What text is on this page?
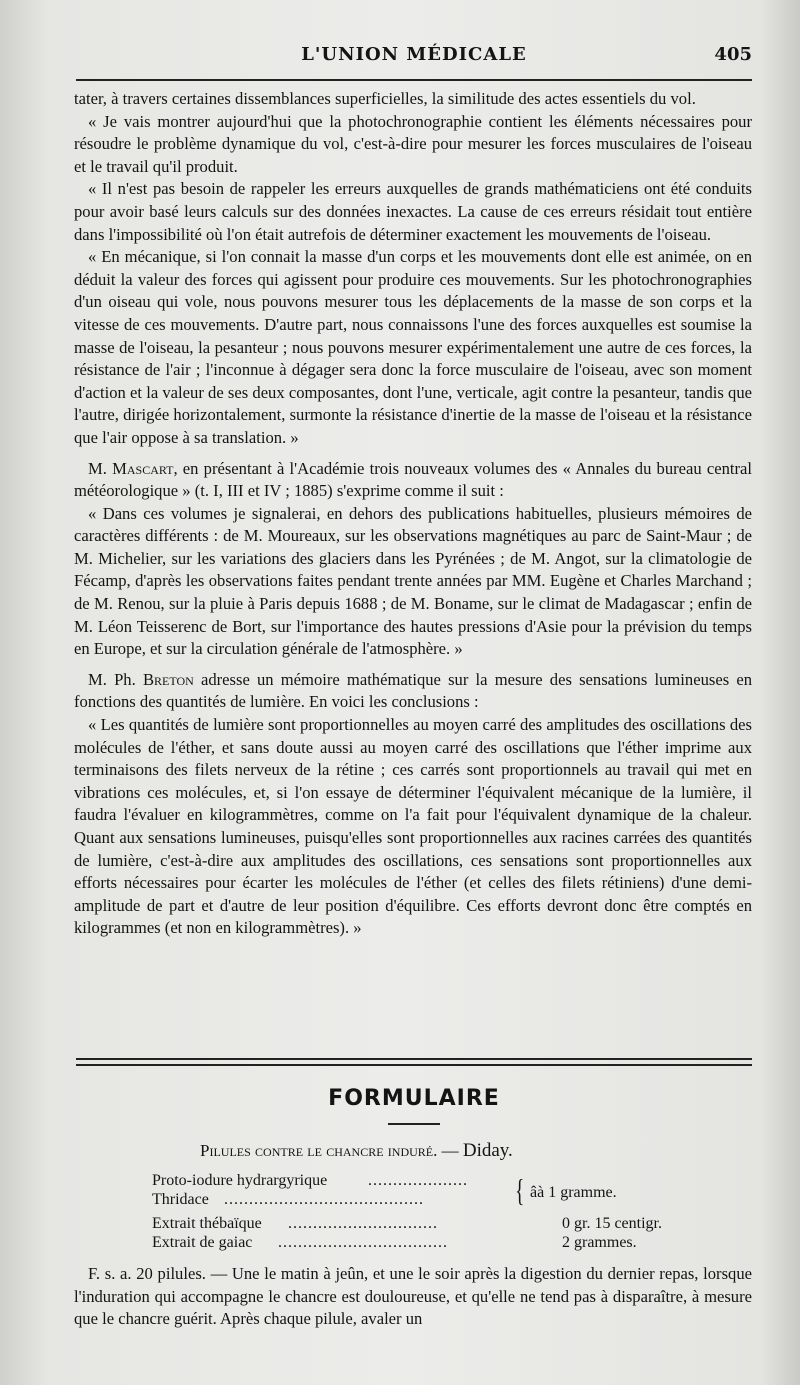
L'UNION MÉDICALE	405

tater, à travers certaines dissemblances superficielles, la similitude des actes essentiels du vol.

« Je vais montrer aujourd'hui que la photochronographie contient les éléments nécessaires pour résoudre le problème dynamique du vol, c'est-à-dire pour mesurer les forces musculaires de l'oiseau et le travail qu'il produit.

« Il n'est pas besoin de rappeler les erreurs auxquelles de grands mathématiciens ont été conduits pour avoir basé leurs calculs sur des données inexactes. La cause de ces erreurs résidait tout entière dans l'impossibilité où l'on était autrefois de déterminer exactement les mouvements de l'oiseau.

« En mécanique, si l'on connait la masse d'un corps et les mouvements dont elle est animée, on en déduit la valeur des forces qui agissent pour produire ces mouvements. Sur les photochronographies d'un oiseau qui vole, nous pouvons mesurer tous les déplacements de la masse de son corps et la vitesse de ces mouvements. D'autre part, nous connaissons l'une des forces auxquelles est soumise la masse de l'oiseau, la pesanteur ; nous pouvons mesurer expérimentalement une autre de ces forces, la résistance de l'air ; l'inconnue à dégager sera donc la force musculaire de l'oiseau, avec son moment d'action et la valeur de ses deux composantes, dont l'une, verticale, agit contre la pesanteur, tandis que l'autre, dirigée horizontalement, surmonte la résistance d'inertie de la masse de l'oiseau et la résistance que l'air oppose à sa translation. »

M. Mascart, en présentant à l'Académie trois nouveaux volumes des « Annales du bureau central météorologique » (t. I, III et IV ; 1885) s'exprime comme il suit :

« Dans ces volumes je signalerai, en dehors des publications habituelles, plusieurs mémoires de caractères différents : de M. Moureaux, sur les observations magnétiques au parc de Saint-Maur ; de M. Michelier, sur les variations des glaciers dans les Pyrénées ; de M. Angot, sur la climatologie de Fécamp, d'après les observations faites pendant trente années par MM. Eugène et Charles Marchand ; de M. Renou, sur la pluie à Paris depuis 1688 ; de M. Boname, sur le climat de Madagascar ; enfin de M. Léon Teisserenc de Bort, sur l'importance des hautes pressions d'Asie pour la prévision du temps en Europe, et sur la circulation générale de l'atmosphère. »

M. Ph. Breton adresse un mémoire mathématique sur la mesure des sensations lumineuses en fonctions des quantités de lumière. En voici les conclusions :

« Les quantités de lumière sont proportionnelles au moyen carré des amplitudes des oscillations des molécules de l'éther, et sans doute aussi au moyen carré des oscillations que l'éther imprime aux terminaisons des filets nerveux de la rétine ; ces carrés sont proportionnels au travail qui met en vibrations ces molécules, et, si l'on essaye de déterminer l'équivalent mécanique de la lumière, il faudra l'évaluer en kilogrammètres, comme on l'a fait pour l'équivalent dynamique de la chaleur. Quant aux sensations lumineuses, puisqu'elles sont proportionnelles aux racines carrées des quantités de lumière, c'est-à-dire aux amplitudes des oscillations, ces sensations sont proportionnelles aux efforts nécessaires pour écarter les molécules de l'éther (et celles des filets rétiniens) d'une demi-amplitude de part et d'autre de leur position d'équilibre. Ces efforts devront donc être comptés en kilogrammes (et non en kilogrammètres). »

FORMULAIRE
Pilules contre le chancre induré. — Diday.
Proto-iodure hydrargyrique	....................
Thridace ........................................	{ âà 1 gramme.
Extrait thébaïque ..............................	0 gr. 15 centigr.
Extrait de gaiac ..................................	2 grammes.

F. s. a. 20 pilules. — Une le matin à jeûn, et une le soir après la digestion du dernier repas, lorsque l'induration qui accompagne le chancre est douloureuse, et qu'elle ne tend pas à disparaître, à mesure que le chancre guérit. Après chaque pilule, avaler un
